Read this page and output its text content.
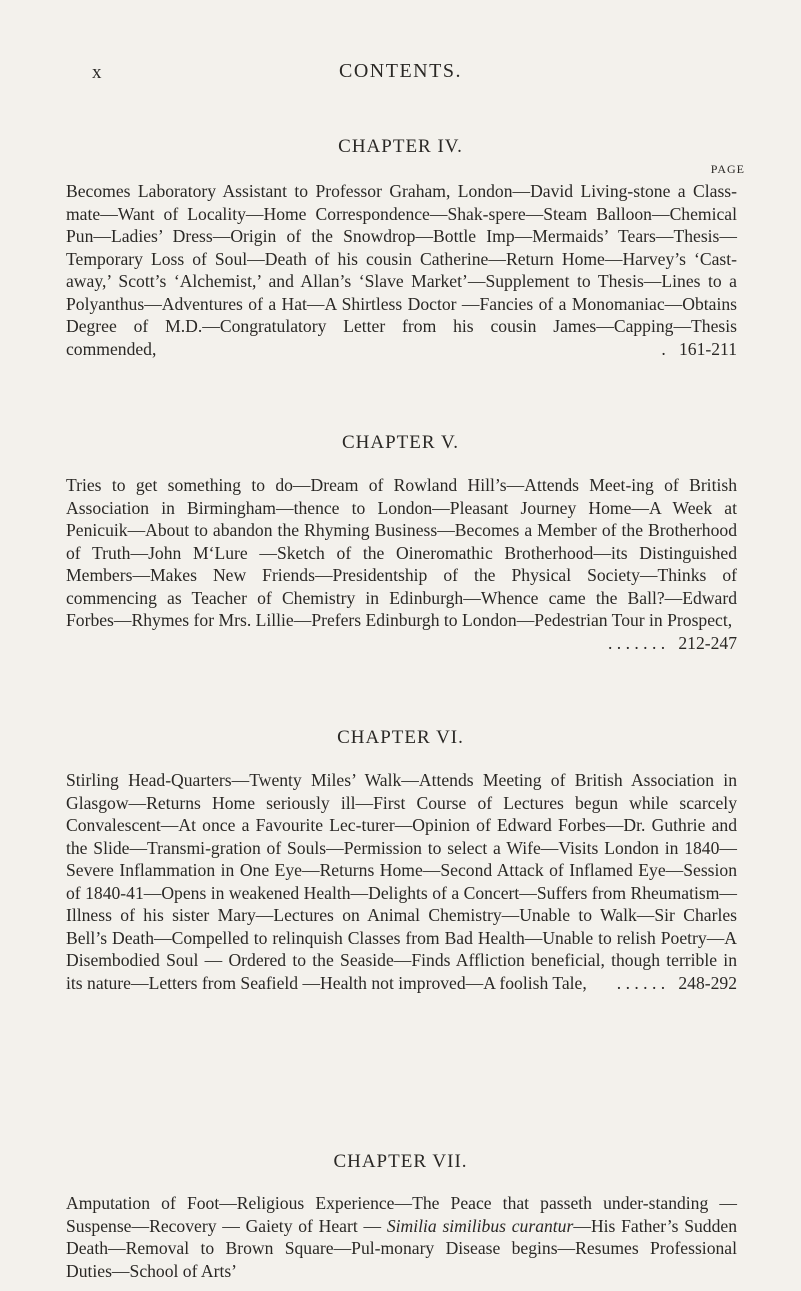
x	CONTENTS.
CHAPTER IV.
PAGE
Becomes Laboratory Assistant to Professor Graham, London—David Living-stone a Class-mate—Want of Locality—Home Correspondence—Shak-spere—Steam Balloon—Chemical Pun—Ladies’ Dress—Origin of the Snowdrop—Bottle Imp—Mermaids’ Tears—Thesis—Temporary Loss of Soul—Death of his cousin Catherine—Return Home—Harvey’s ‘Cast-away,’ Scott’s ‘Alchemist,’ and Allan’s ‘Slave Market’—Supplement to Thesis—Lines to a Polyanthus—Adventures of a Hat—A Shirtless Doctor —Fancies of a Monomaniac—Obtains Degree of M.D.—Congratulatory Letter from his cousin James—Capping—Thesis commended,	. 161-211
CHAPTER V.
Tries to get something to do—Dream of Rowland Hill’s—Attends Meet-ing of British Association in Birmingham—thence to London—Pleasant Journey Home—A Week at Penicuik—About to abandon the Rhyming Business—Becomes a Member of the Brotherhood of Truth—John M‘Lure —Sketch of the Oineromathic Brotherhood—its Distinguished Members—Makes New Friends—Presidentship of the Physical Society—Thinks of commencing as Teacher of Chemistry in Edinburgh—Whence came the Ball?—Edward Forbes—Rhymes for Mrs. Lillie—Prefers Edinburgh to London—Pedestrian Tour in Prospect,
. . . . . . . 212-247
CHAPTER VI.
Stirling Head-Quarters—Twenty Miles’ Walk—Attends Meeting of British Association in Glasgow—Returns Home seriously ill—First Course of Lectures begun while scarcely Convalescent—At once a Favourite Lec-turer—Opinion of Edward Forbes—Dr. Guthrie and the Slide—Transmi-gration of Souls—Permission to select a Wife—Visits London in 1840—Severe Inflammation in One Eye—Returns Home—Second Attack of Inflamed Eye—Session of 1840-41—Opens in weakened Health—Delights of a Concert—Suffers from Rheumatism—Illness of his sister Mary—Lectures on Animal Chemistry—Unable to Walk—Sir Charles Bell’s Death—Compelled to relinquish Classes from Bad Health—Unable to relish Poetry—A Disembodied Soul — Ordered to the Seaside—Finds Affliction beneficial, though terrible in its nature—Letters from Seafield —Health not improved—A foolish Tale, . . . . . . 248-292
CHAPTER VII.
Amputation of Foot—Religious Experience—The Peace that passeth under-standing — Suspense—Recovery — Gaiety of Heart — Similia similibus curantur—His Father’s Sudden Death—Removal to Brown Square—Pul-monary Disease begins—Resumes Professional Duties—School of Arts’
